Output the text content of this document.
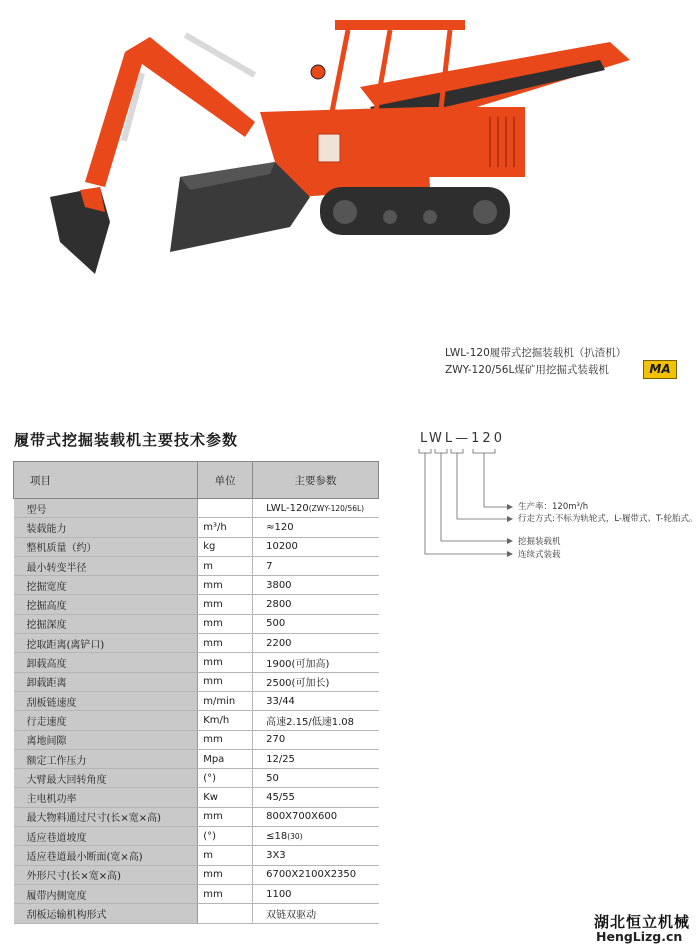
ZWY-120/56L
LWL-120履带式挖掘装载机（扒渣机）
ZWY-120/56L煤矿用挖掘式装载机	MA
履带式挖掘装载机主要技术参数
项目	单位	主要参数
型号		LWL-120(ZWY-120/56L)
装载能力	m³/h	≈120
整机质量（约）	kg	10200
最小转变半径	m	7
挖掘宽度	mm	3800
挖掘高度	mm	2800
挖掘深度	mm	500
挖取距离(离铲口)	mm	2200
卸载高度	mm	1900(可加高)
卸载距离	mm	2500(可加长)
刮板链速度	m/min	33/44
行走速度	Km/h	高速2.15/低速1.08
离地间隙	mm	270
额定工作压力	Mpa	12/25
大臂最大回转角度	(°)	50
主电机功率	Kw	45/55
最大物料通过尺寸(长×宽×高)	mm	800X700X600
适应巷道坡度	(°)	≤18(30)
适应巷道最小断面(宽×高)	m	3X3
外形尺寸(长×宽×高)	mm	6700X2100X2350
履带内侧宽度	mm	1100
刮板运输机构形式		双链双驱动
LWL—120
生产率：120m³/h
行走方式:不标为轨轮式，L-履带式、T-轮胎式。
挖掘装载机
连续式装载
湖北恒立机械
HengLizg.cn
